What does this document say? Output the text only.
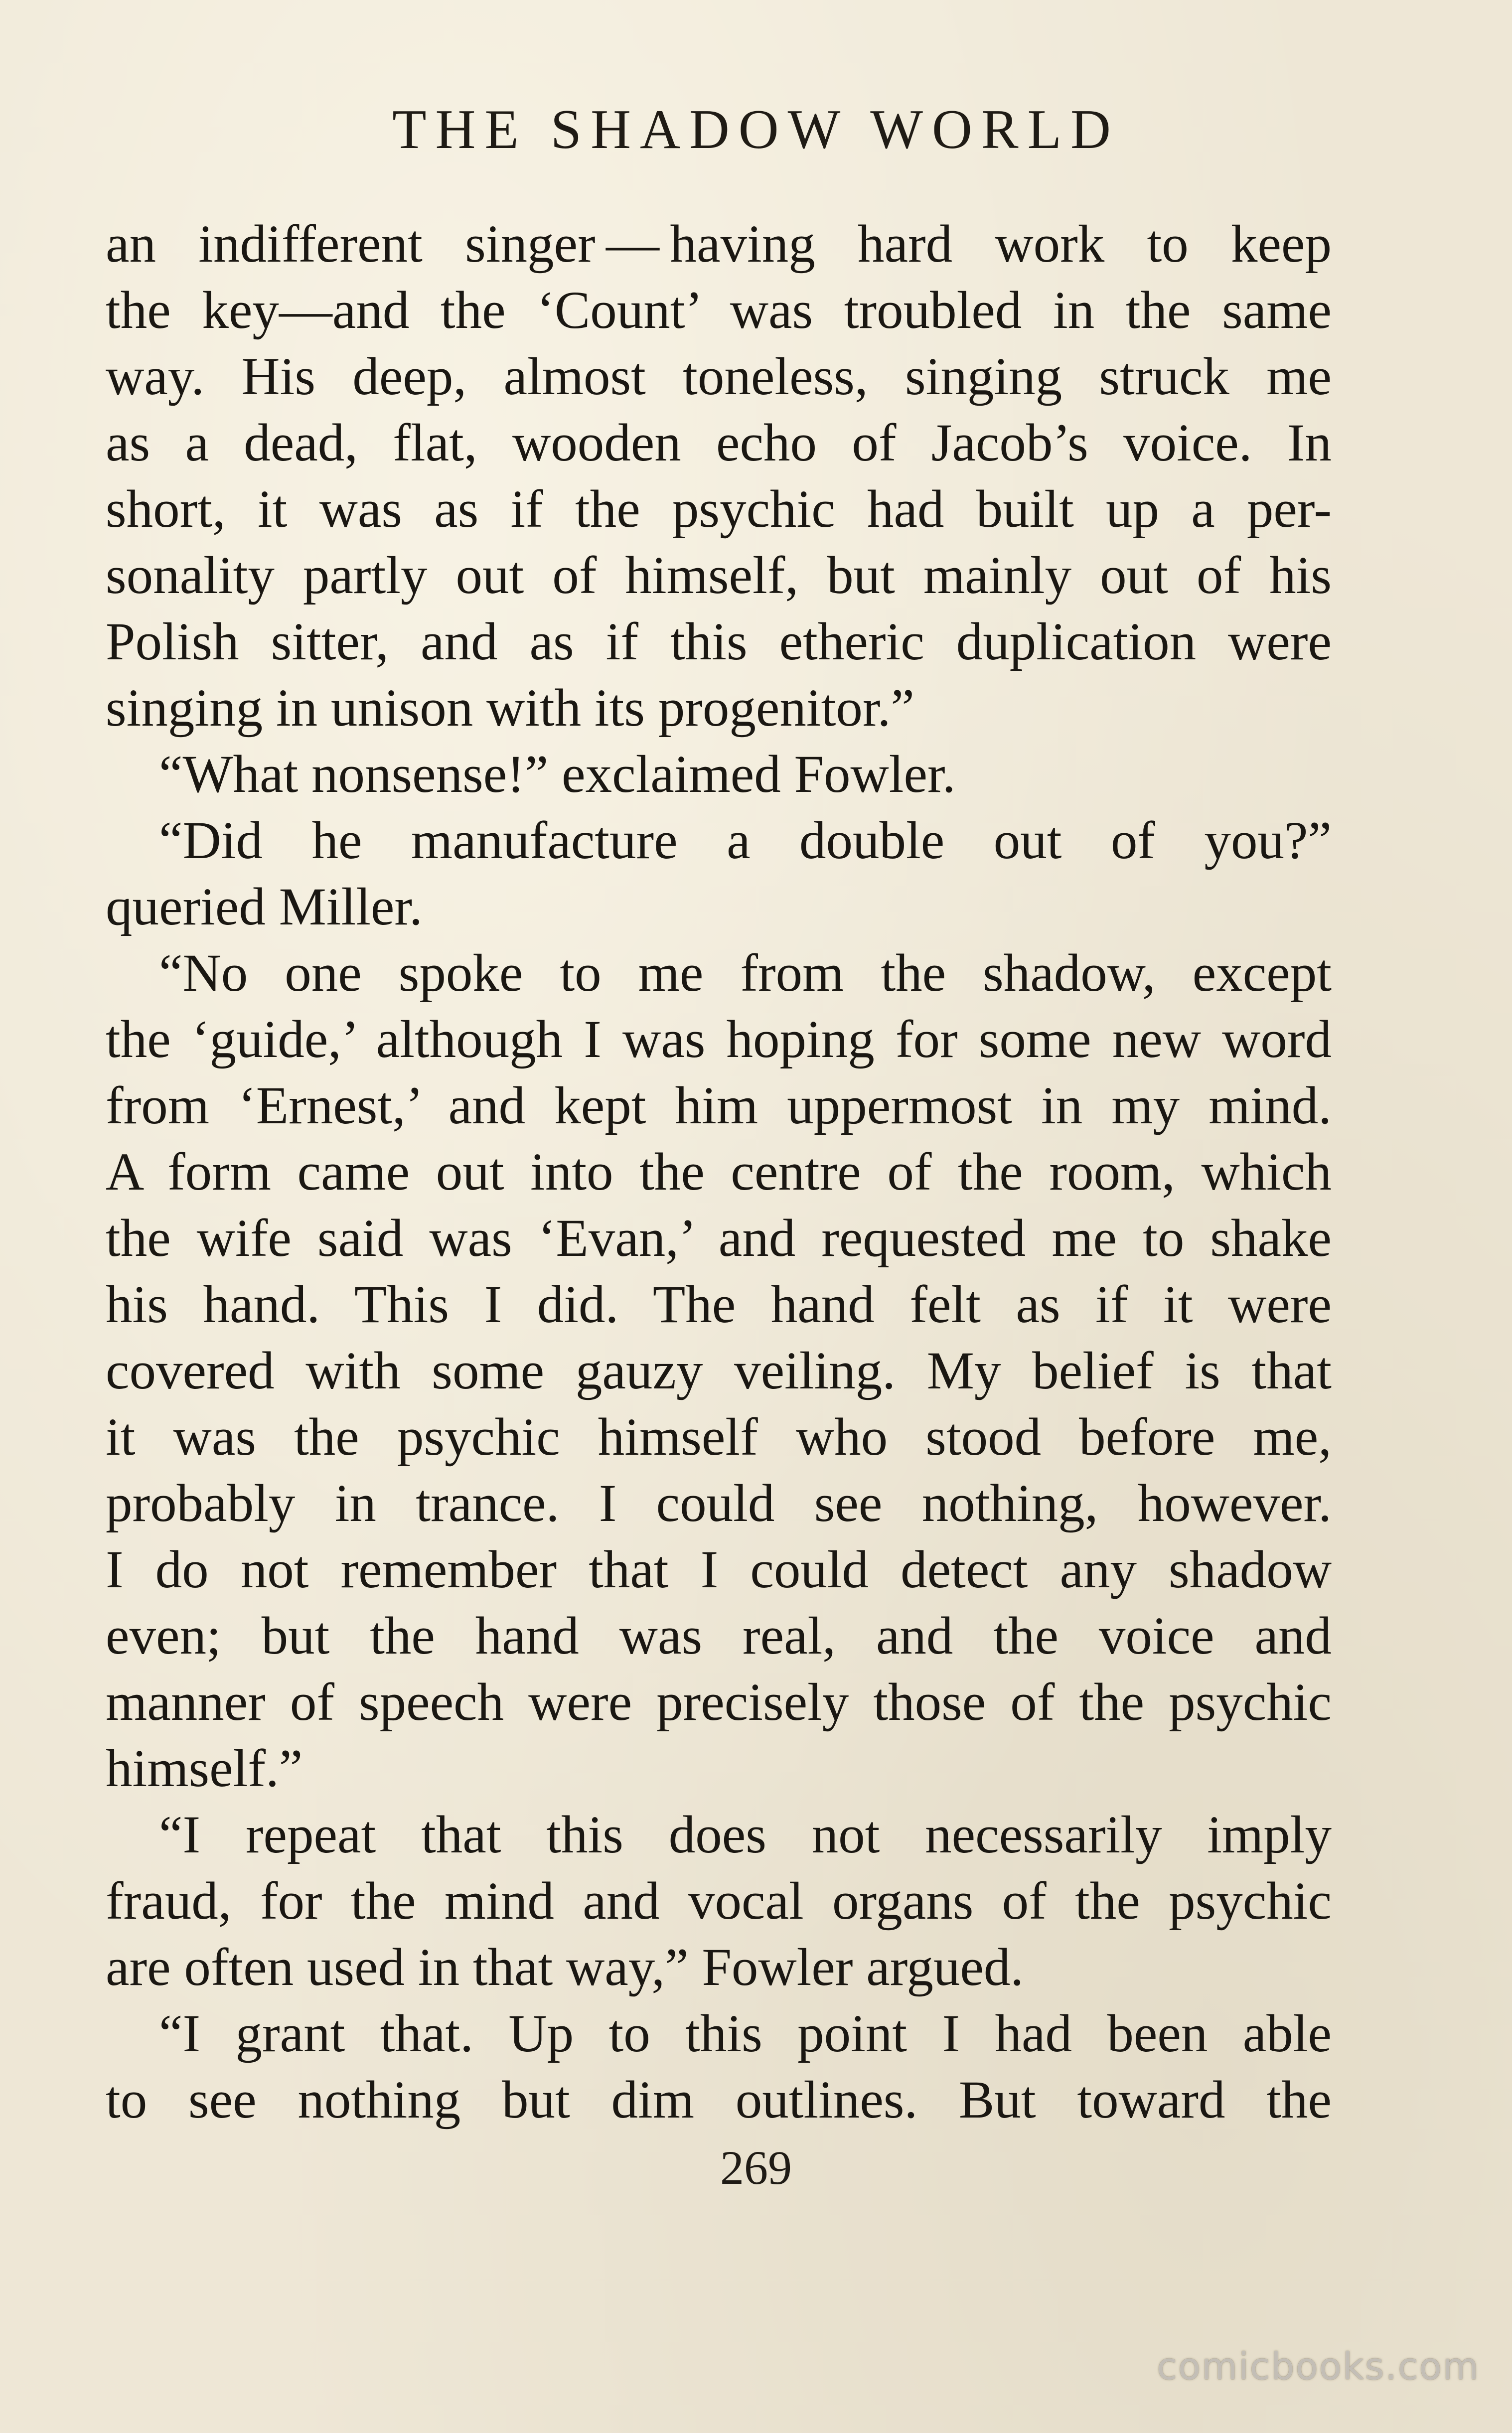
THE SHADOW WORLD
an indifferent singer — having hard work to keep
the key—and the ‘Count’ was troubled in the same
way. His deep, almost toneless, singing struck me
as a dead, flat, wooden echo of Jacob’s voice. In
short, it was as if the psychic had built up a per-
sonality partly out of himself, but mainly out of his
Polish sitter, and as if this etheric duplication were
singing in unison with its progenitor.”
 “What nonsense!” exclaimed Fowler.
 “Did he manufacture a double out of you?”
queried Miller.
 “No one spoke to me from the shadow, except
the ‘guide,’ although I was hoping for some new word
from ‘Ernest,’ and kept him uppermost in my mind.
A form came out into the centre of the room, which
the wife said was ‘Evan,’ and requested me to shake
his hand. This I did. The hand felt as if it were
covered with some gauzy veiling. My belief is that
it was the psychic himself who stood before me,
probably in trance. I could see nothing, however.
I do not remember that I could detect any shadow
even; but the hand was real, and the voice and
manner of speech were precisely those of the psychic
himself.”
 “I repeat that this does not necessarily imply
fraud, for the mind and vocal organs of the psychic
are often used in that way,” Fowler argued.
 “I grant that. Up to this point I had been able
to see nothing but dim outlines. But toward the
269
comicbooks.com
